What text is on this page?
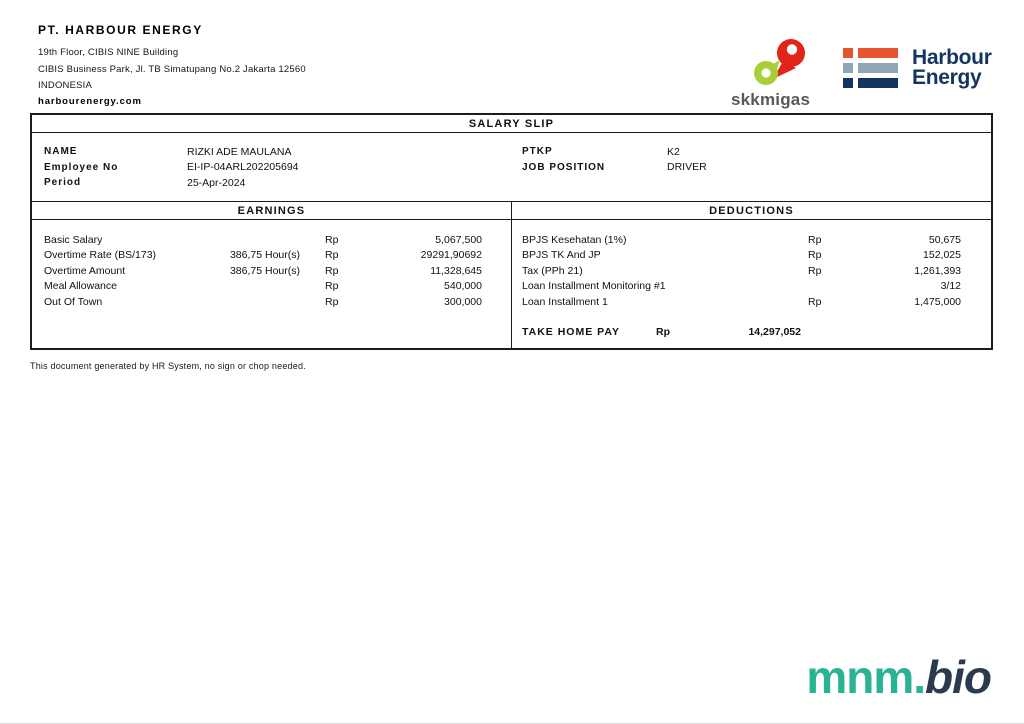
PT. HARBOUR ENERGY
19th Floor, CIBIS NINE Building
CIBIS Business Park, Jl. TB Simatupang No.2 Jakarta 12560
INDONESIA
harbourenergy.com	skkmigas
Harbour
Energy
SALARY SLIP
NAME	RIZKI ADE MAULANA
Employee No	EI-IP-04ARL202205694
Period	25-Apr-2024
PTKP	K2
JOB POSITION	DRIVER
EARNINGS	DEDUCTIONS
Basic Salary	Rp	5,067,500
Overtime Rate (BS/173)	386,75 Hour(s)	Rp	29291,90692
Overtime Amount	386,75 Hour(s)	Rp	11,328,645
Meal Allowance	Rp	540,000
Out Of Town	Rp	300,000
BPJS Kesehatan (1%)	Rp	50,675
BPJS TK And JP	Rp	152,025
Tax (PPh 21)	Rp	1,261,393
Loan Installment Monitoring #1	3/12
Loan Installment 1	Rp	1,475,000
TAKE HOME PAY	Rp	14,297,052
This document generated by HR System, no sign or chop needed.
mnm.bio
